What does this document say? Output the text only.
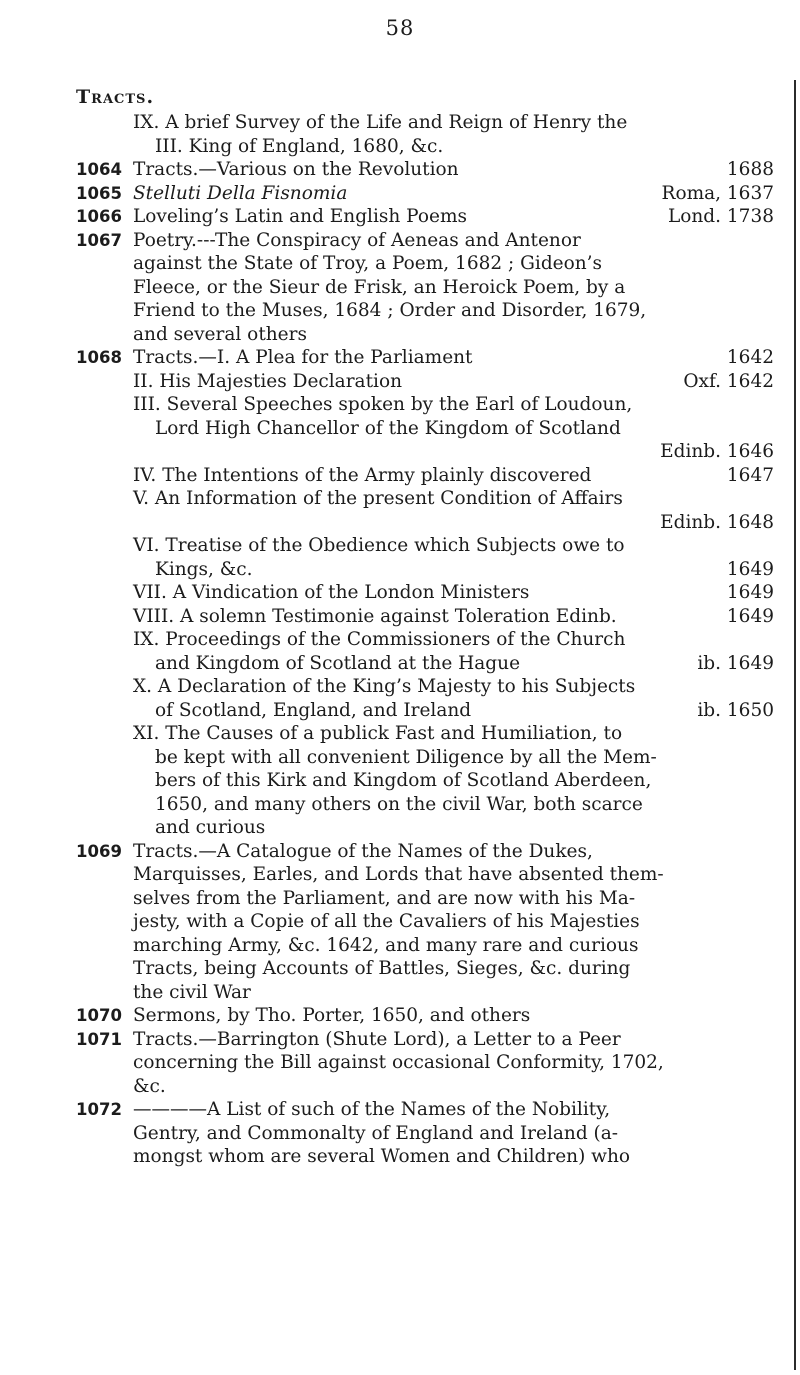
58
Tracts.
IX. A brief Survey of the Life and Reign of Henry the
III. King of England, 1680, &c.
1064 Tracts.—Various on the Revolution	1688
1065 Stelluti Della Fisnomia	Roma, 1637
1066 Loveling’s Latin and English Poems	Lond. 1738
1067 Poetry.---The Conspiracy of Aeneas and Antenor
against the State of Troy, a Poem, 1682 ; Gideon’s
Fleece, or the Sieur de Frisk, an Heroick Poem, by a
Friend to the Muses, 1684 ; Order and Disorder, 1679,
and several others
1068 Tracts.—I. A Plea for the Parliament	1642
II. His Majesties Declaration	Oxf. 1642
III. Several Speeches spoken by the Earl of Loudoun,
Lord High Chancellor of the Kingdom of Scotland
Edinb. 1646
IV. The Intentions of the Army plainly discovered	1647
V. An Information of the present Condition of Affairs
Edinb. 1648
VI. Treatise of the Obedience which Subjects owe to
Kings, &c.	1649
VII. A Vindication of the London Ministers	1649
VIII. A solemn Testimonie against Toleration Edinb.	1649
IX. Proceedings of the Commissioners of the Church
and Kingdom of Scotland at the Hague	ib. 1649
X. A Declaration of the King’s Majesty to his Subjects
of Scotland, England, and Ireland	ib. 1650
XI. The Causes of a publick Fast and Humiliation, to
be kept with all convenient Diligence by all the Mem-
bers of this Kirk and Kingdom of Scotland Aberdeen,
1650, and many others on the civil War, both scarce
and curious
1069 Tracts.—A Catalogue of the Names of the Dukes,
Marquisses, Earles, and Lords that have absented them-
selves from the Parliament, and are now with his Ma-
jesty, with a Copie of all the Cavaliers of his Majesties
marching Army, &c. 1642, and many rare and curious
Tracts, being Accounts of Battles, Sieges, &c. during
the civil War
1070 Sermons, by Tho. Porter, 1650, and others
1071 Tracts.—Barrington (Shute Lord), a Letter to a Peer
concerning the Bill against occasional Conformity, 1702,
&c.
1072 ————A List of such of the Names of the Nobility,
Gentry, and Commonalty of England and Ireland (a-
mongst whom are several Women and Children) who
